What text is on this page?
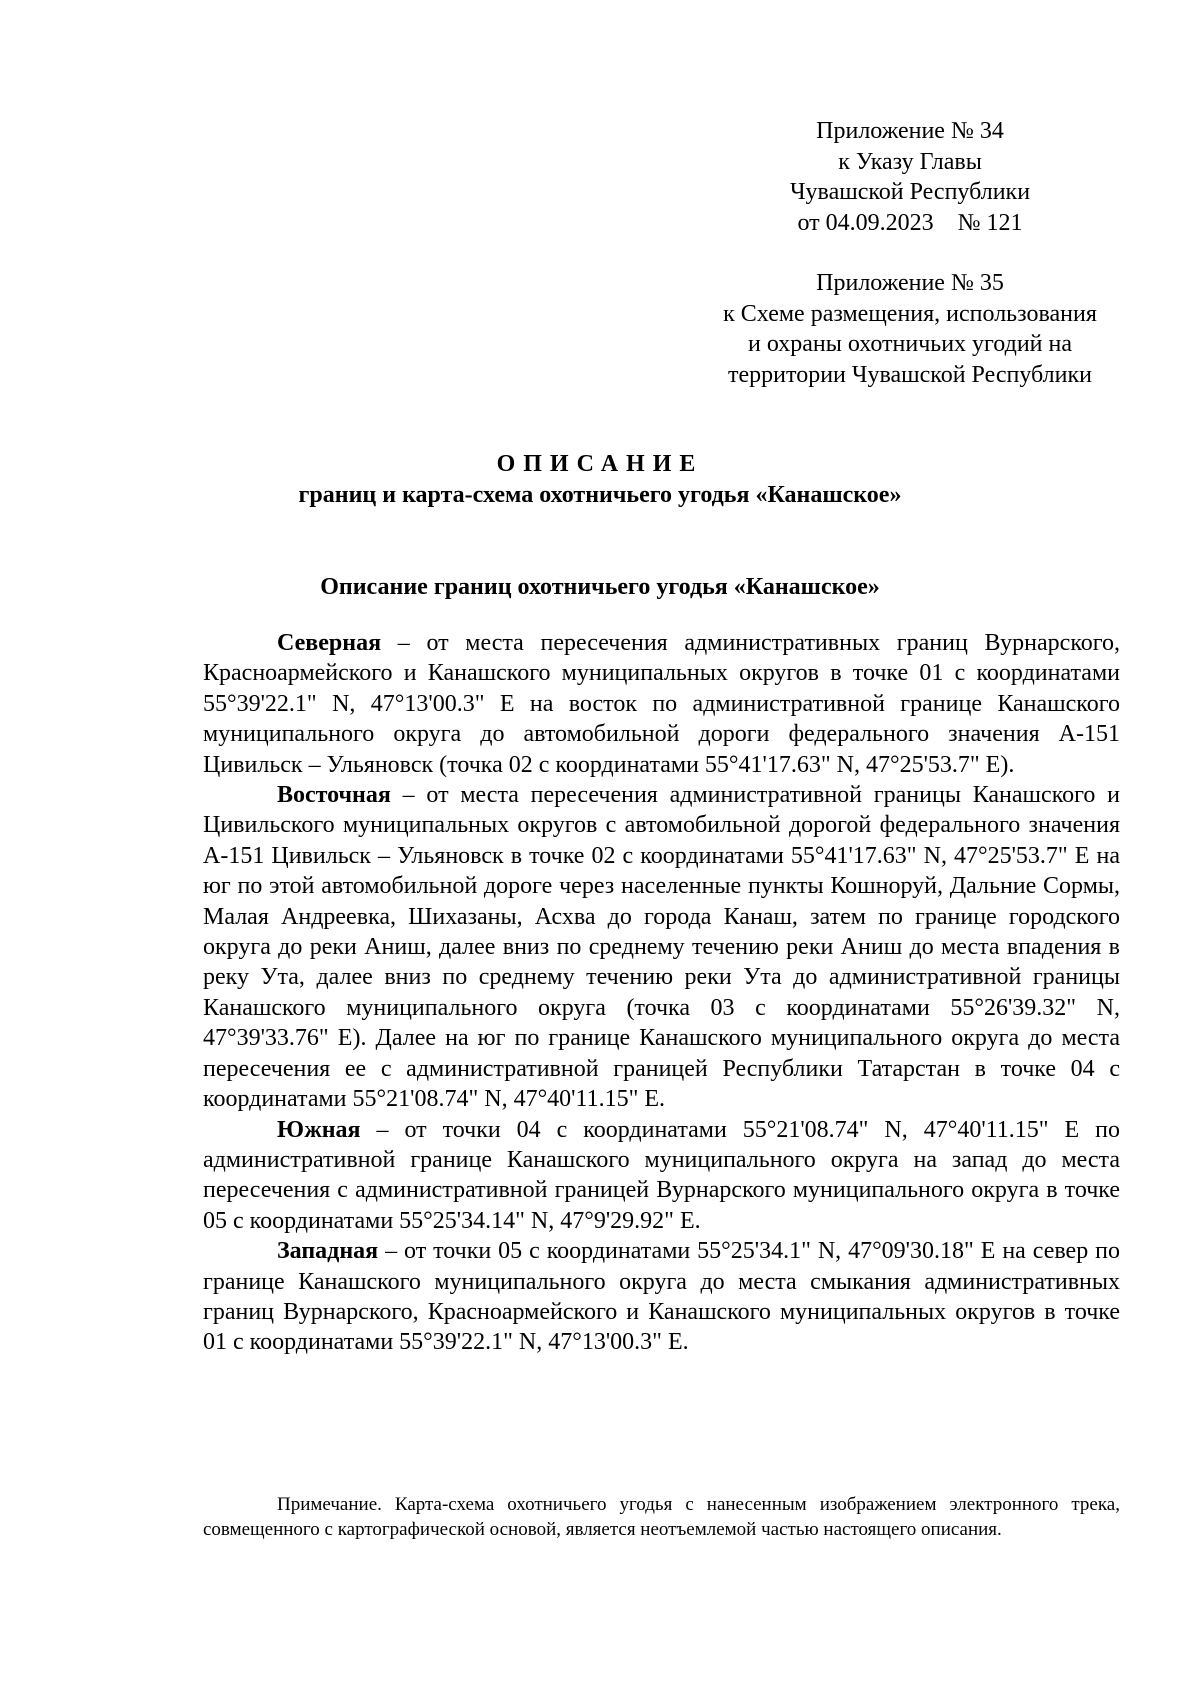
Приложение № 34
к Указу Главы
Чувашской Республики
от 04.09.2023    № 121
Приложение № 35
к Схеме размещения, использования
и охраны охотничьих угодий на
территории Чувашской Республики
ОПИСАНИЕ
границ и карта-схема охотничьего угодья «Канашское»
Описание границ охотничьего угодья «Канашское»

Северная – от места пересечения административных границ Вурнарского, Красноармейского и Канашского муниципальных округов в точке 01 с координатами 55°39'22.1" N, 47°13'00.3" E на восток по административной границе Канашского муниципального округа до автомобильной дороги федерального значения А-151 Цивильск – Ульяновск (точка 02 с координатами 55°41'17.63" N, 47°25'53.7" E).

Восточная – от места пересечения административной границы Канашского и Цивильского муниципальных округов с автомобильной дорогой федерального значения А-151 Цивильск – Ульяновск в точке 02 с координатами 55°41'17.63" N, 47°25'53.7" E на юг по этой автомобильной дороге через населенные пункты Кошноруй, Дальние Сормы, Малая Андреевка, Шихазаны, Асхва до города Канаш, затем по границе городского округа до реки Аниш, далее вниз по среднему течению реки Аниш до места впадения в реку Ута, далее вниз по среднему течению реки Ута до административной границы Канашского муниципального округа (точка 03 с координатами 55°26'39.32" N, 47°39'33.76" E). Далее на юг по границе Канашского муниципального округа до места пересечения ее с административной границей Республики Татарстан в точке 04 с координатами 55°21'08.74" N, 47°40'11.15" E.

Южная – от точки 04 с координатами 55°21'08.74" N, 47°40'11.15" E по административной границе Канашского муниципального округа на запад до места пересечения с административной границей Вурнарского муниципального округа в точке 05 с координатами 55°25'34.14" N, 47°9'29.92" E.

Западная – от точки 05 с координатами 55°25'34.1" N, 47°09'30.18" E на север по границе Канашского муниципального округа до места смыкания административных границ Вурнарского, Красноармейского и Канашского муниципальных округов в точке 01 с координатами 55°39'22.1" N, 47°13'00.3" E.

Примечание. Карта-схема охотничьего угодья с нанесенным изображением электронного трека, совмещенного с картографической основой, является неотъемлемой частью настоящего описания.
